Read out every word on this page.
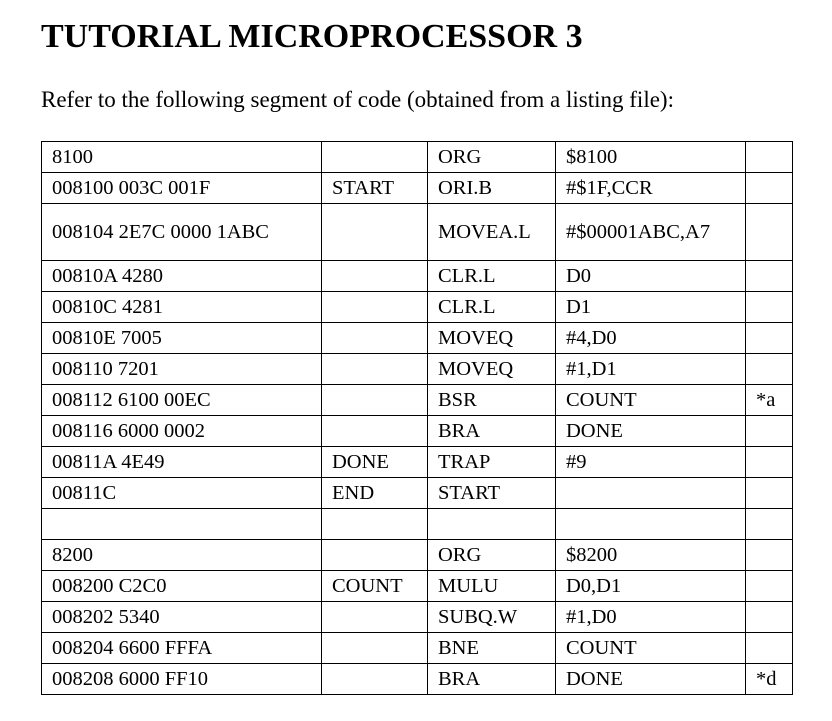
TUTORIAL MICROPROCESSOR 3
Refer to the following segment of code (obtained from a listing file):
8100		ORG	$8100	
008100 003C 001F	START	ORI.B	#$1F,CCR	
008104 2E7C 0000 1ABC		MOVEA.L	#$00001ABC,A7	
00810A 4280		CLR.L	D0	
00810C 4281		CLR.L	D1	
00810E 7005		MOVEQ	#4,D0	
008110 7201		MOVEQ	#1,D1	
008112 6100 00EC		BSR	COUNT	*a
008116 6000 0002		BRA	DONE	
00811A 4E49	DONE	TRAP	#9	
00811C	END	START		

8200		ORG	$8200	
008200 C2C0	COUNT	MULU	D0,D1	
008202 5340		SUBQ.W	#1,D0	
008204 6600 FFFA		BNE	COUNT	
008208 6000 FF10		BRA	DONE	*d
